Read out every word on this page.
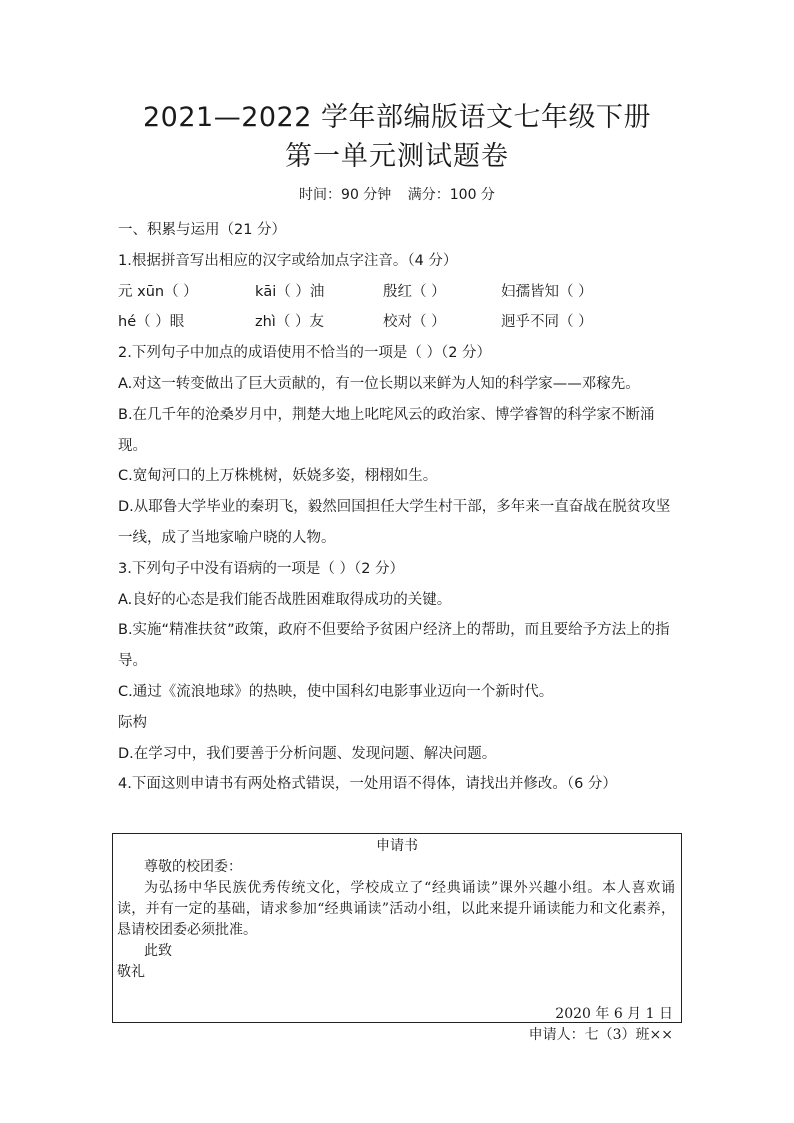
2021—2022 学年部编版语文七年级下册
第一单元测试题卷
时间：90 分钟 满分：100 分
一、积累与运用（21 分）
1.根据拼音写出相应的汉字或给加点字注音。（4 分）
元 xūn（ ）	kāi（ ）油	殷红（ ）	妇孺皆知（ ）
hé（ ）眼	zhì（ ）友	校对（ ）	迥乎不同（ ）
2.下列句子中加点的成语使用不恰当的一项是（ ）（2 分）
A.对这一转变做出了巨大贡献的，有一位长期以来鲜为人知的科学家——邓稼先。
B.在几千年的沧桑岁月中，荆楚大地上叱咤风云的政治家、博学睿智的科学家不断涌现。
C.宽甸河口的上万株桃树，妖娆多姿，栩栩如生。
D.从耶鲁大学毕业的秦玥飞，毅然回国担任大学生村干部，多年来一直奋战在脱贫攻坚一线，成了当地家喻户晓的人物。
3.下列句子中没有语病的一项是（ ）（2 分）
A.良好的心态是我们能否战胜困难取得成功的关键。
B.实施“精准扶贫”政策，政府不但要给予贫困户经济上的帮助，而且要给予方法上的指导。
C.通过《流浪地球》的热映，使中国科幻电影事业迈向一个新时代。
际构
D.在学习中，我们要善于分析问题、发现问题、解决问题。
4.下面这则申请书有两处格式错误，一处用语不得体，请找出并修改。（6 分）
申请书
尊敬的校团委：
为弘扬中华民族优秀传统文化，学校成立了“经典诵读”课外兴趣小组。本人喜欢诵读，并有一定的基础，请求参加“经典诵读”活动小组，以此来提升诵读能力和文化素养，恳请校团委必须批准。
此致
敬礼
2020 年 6 月 1 日
申请人：七（3）班××
